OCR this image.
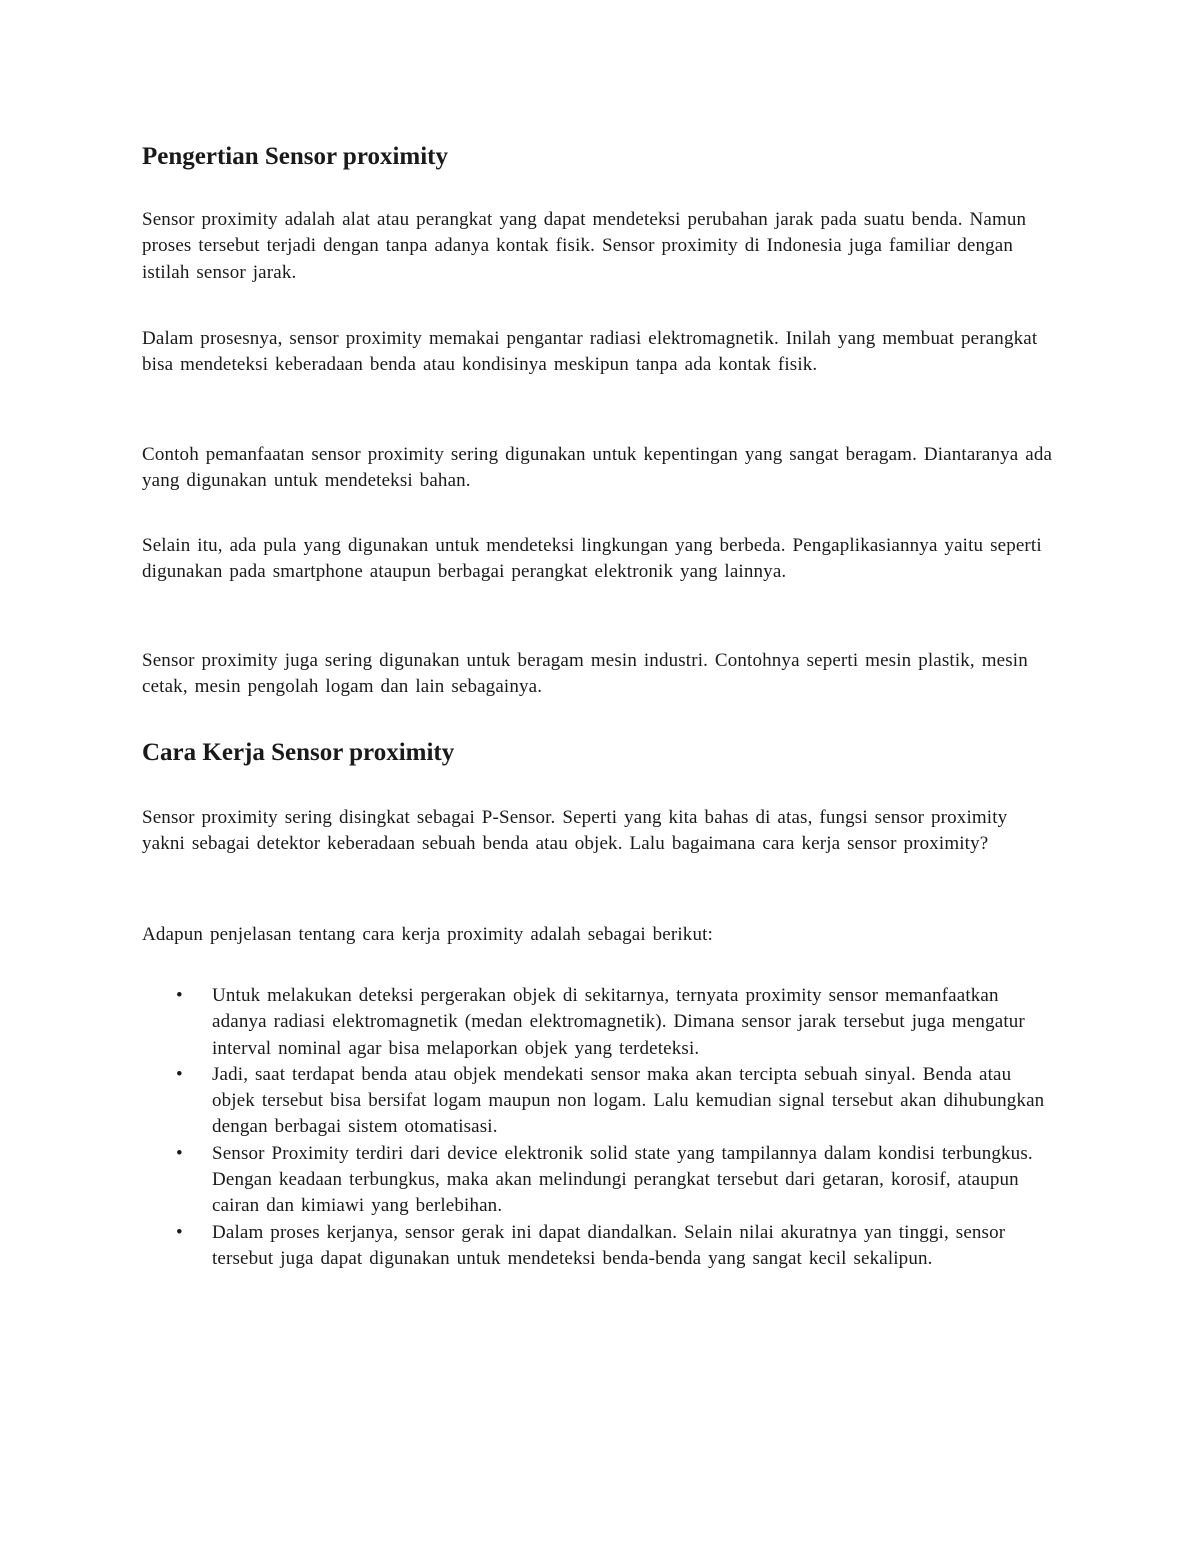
Pengertian Sensor proximity

Sensor proximity adalah alat atau perangkat yang dapat mendeteksi perubahan jarak pada suatu benda. Namun proses tersebut terjadi dengan tanpa adanya kontak fisik. Sensor proximity di Indonesia juga familiar dengan istilah sensor jarak.

Dalam prosesnya, sensor proximity memakai pengantar radiasi elektromagnetik. Inilah yang membuat perangkat bisa mendeteksi keberadaan benda atau kondisinya meskipun tanpa ada kontak fisik.

Contoh pemanfaatan sensor proximity sering digunakan untuk kepentingan yang sangat beragam. Diantaranya ada yang digunakan untuk mendeteksi bahan.

Selain itu, ada pula yang digunakan untuk mendeteksi lingkungan yang berbeda. Pengaplikasiannya yaitu seperti digunakan pada smartphone ataupun berbagai perangkat elektronik yang lainnya.

Sensor proximity juga sering digunakan untuk beragam mesin industri. Contohnya seperti mesin plastik, mesin cetak, mesin pengolah logam dan lain sebagainya.

Cara Kerja Sensor proximity

Sensor proximity sering disingkat sebagai P-Sensor. Seperti yang kita bahas di atas, fungsi sensor proximity yakni sebagai detektor keberadaan sebuah benda atau objek. Lalu bagaimana cara kerja sensor proximity?

Adapun penjelasan tentang cara kerja proximity adalah sebagai berikut:

• Untuk melakukan deteksi pergerakan objek di sekitarnya, ternyata proximity sensor memanfaatkan adanya radiasi elektromagnetik (medan elektromagnetik). Dimana sensor jarak tersebut juga mengatur interval nominal agar bisa melaporkan objek yang terdeteksi.
• Jadi, saat terdapat benda atau objek mendekati sensor maka akan tercipta sebuah sinyal. Benda atau objek tersebut bisa bersifat logam maupun non logam. Lalu kemudian signal tersebut akan dihubungkan dengan berbagai sistem otomatisasi.
• Sensor Proximity terdiri dari device elektronik solid state yang tampilannya dalam kondisi terbungkus. Dengan keadaan terbungkus, maka akan melindungi perangkat tersebut dari getaran, korosif, ataupun cairan dan kimiawi yang berlebihan.
• Dalam proses kerjanya, sensor gerak ini dapat diandalkan. Selain nilai akuratnya yan tinggi, sensor tersebut juga dapat digunakan untuk mendeteksi benda-benda yang sangat kecil sekalipun.
